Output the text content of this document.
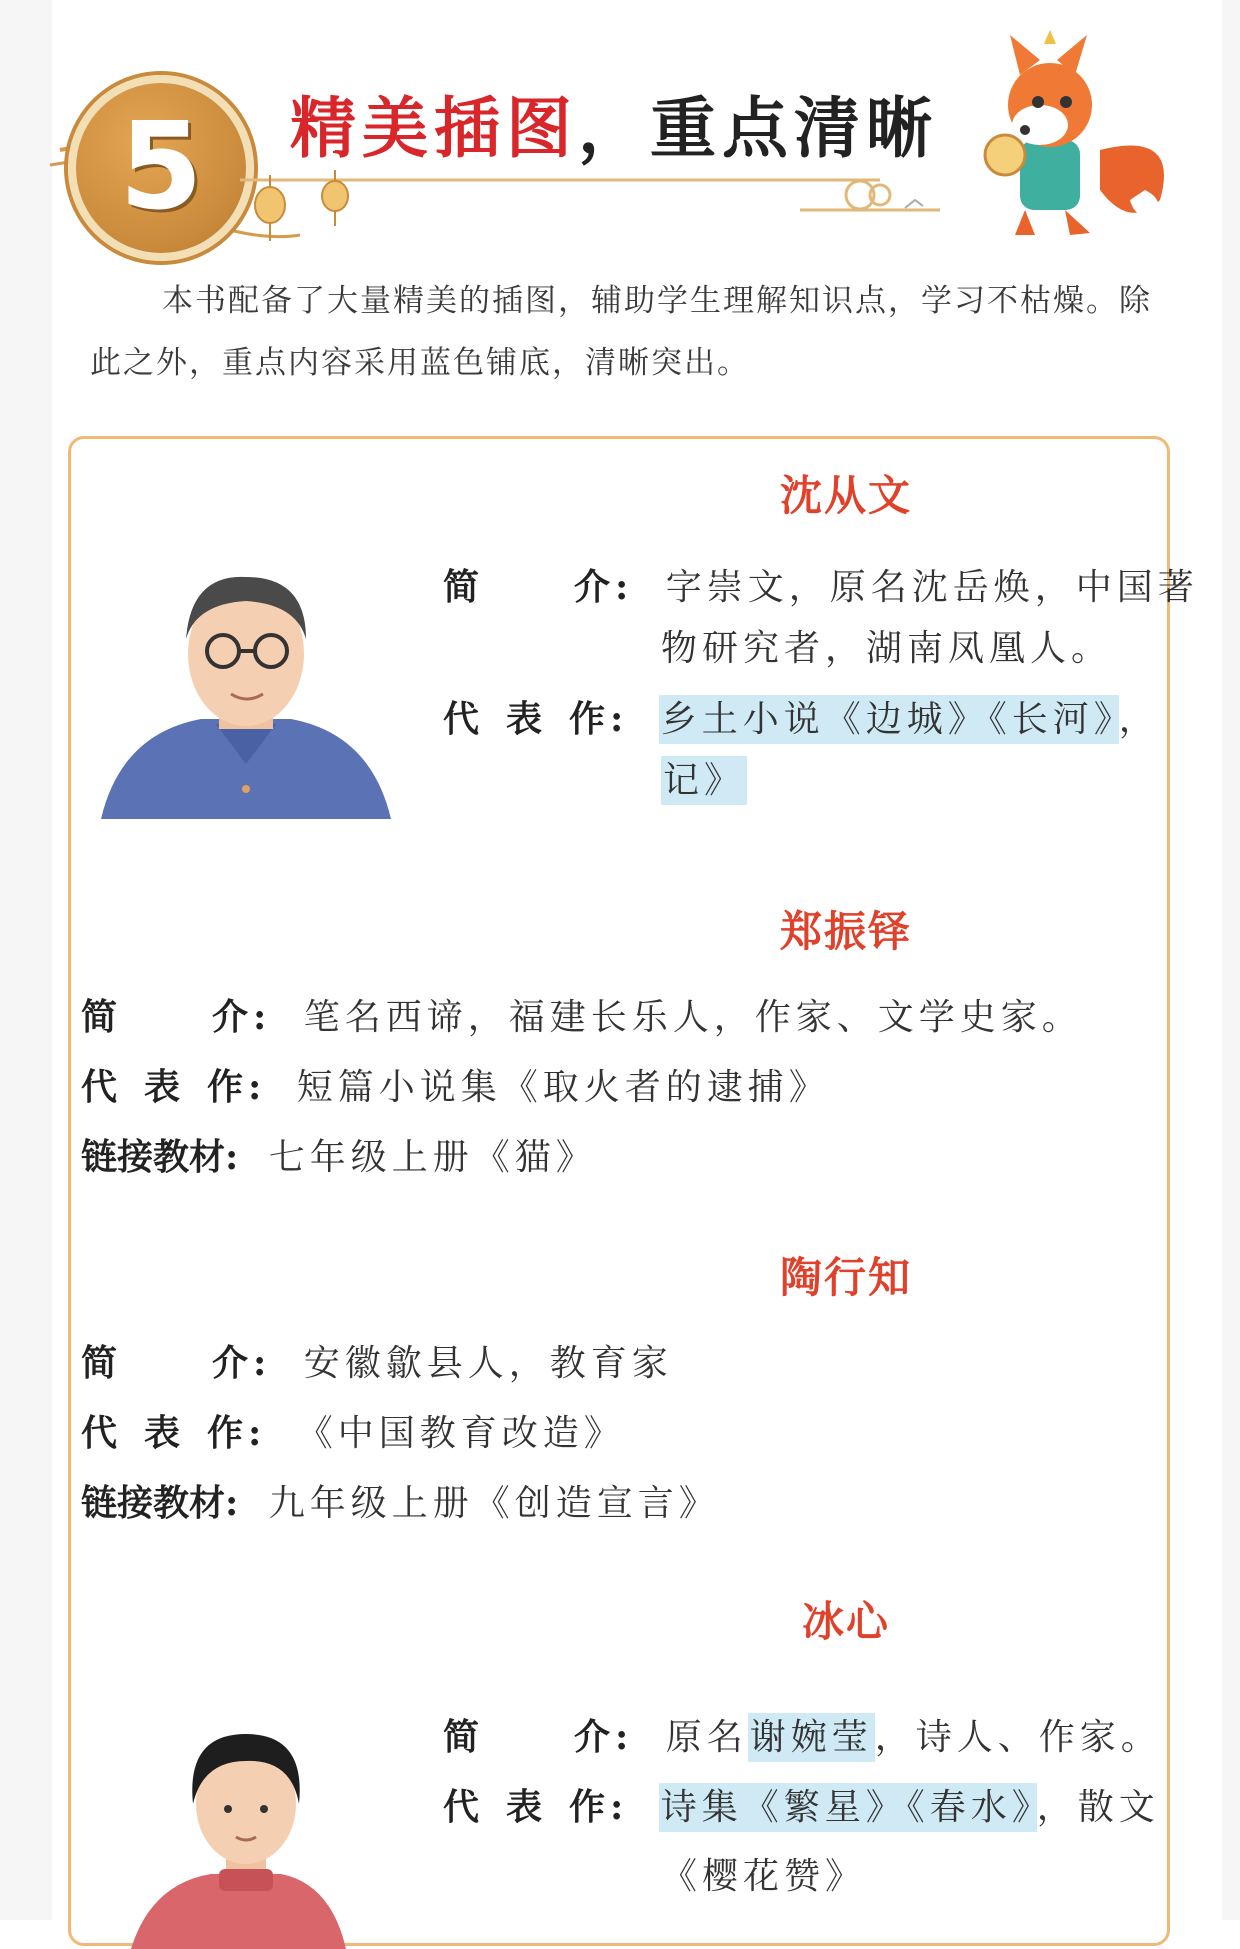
5 精美插图，重点清晰
本书配备了大量精美的插图，辅助学生理解知识点，学习不枯燥。除此之外，重点内容采用蓝色铺底，清晰突出。
沈从文
简	介: 字崇文，原名沈岳焕，中国著
物研究者，湖南凤凰人。
代 表 作: 乡土小说《边城》《长河》，
记》
郑振铎
简	介: 笔名西谛，福建长乐人，作家、文学史家。
代 表 作: 短篇小说集《取火者的逮捕》
链接教材: 七年级上册《猫》
陶行知
简	介: 安徽歙县人，教育家
代 表 作: 《中国教育改造》
链接教材: 九年级上册《创造宣言》
冰心
简	介: 原名谢婉莹，诗人、作家。
代 表 作: 诗集《繁星》《春水》，散文
《樱花赞》
